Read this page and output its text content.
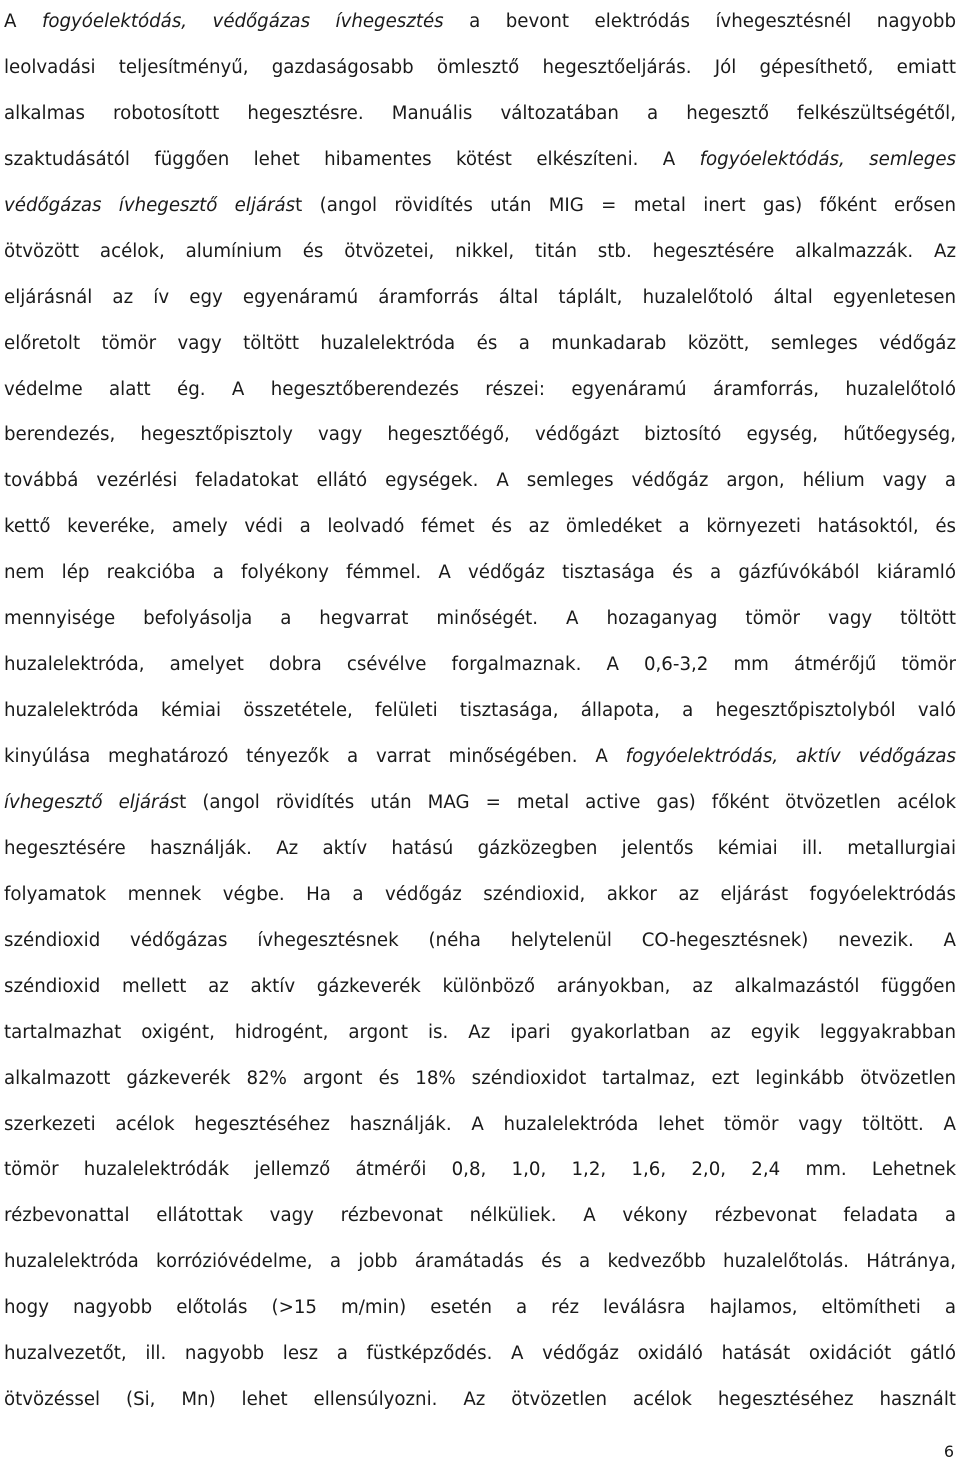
A fogyóelektódás, védőgázas ívhegesztés a bevont elektródás ívhegesztésnél nagyobb
leolvadási teljesítményű, gazdaságosabb ömlesztő hegesztőeljárás. Jól gépesíthető, emiatt
alkalmas robotosított hegesztésre. Manuális változatában a hegesztő felkészültségétől,
szaktudásától függően lehet hibamentes kötést elkészíteni. A fogyóelektódás, semleges
védőgázas ívhegesztő eljárást (angol rövidítés után MIG = metal inert gas) főként erősen
ötvözött acélok, alumínium és ötvözetei, nikkel, titán stb. hegesztésére alkalmazzák. Az
eljárásnál az ív egy egyenáramú áramforrás által táplált, huzalelőtoló által egyenletesen
előretolt tömör vagy töltött huzalelektróda és a munkadarab között, semleges védőgáz
védelme alatt ég. A hegesztőberendezés részei: egyenáramú áramforrás, huzalelőtoló
berendezés, hegesztőpisztoly vagy hegesztőégő, védőgázt biztosító egység, hűtőegység,
továbbá vezérlési feladatokat ellátó egységek. A semleges védőgáz argon, hélium vagy a
kettő keveréke, amely védi a leolvadó fémet és az ömledéket a környezeti hatásoktól, és
nem lép reakcióba a folyékony fémmel. A védőgáz tisztasága és a gázfúvókából kiáramló
mennyisége befolyásolja a hegvarrat minőségét. A hozaganyag tömör vagy töltött
huzalelektróda, amelyet dobra csévélve forgalmaznak. A 0,6-3,2 mm átmérőjű tömör
huzalelektróda kémiai összetétele, felületi tisztasága, állapota, a hegesztőpisztolyból való
kinyúlása meghatározó tényezők a varrat minőségében. A fogyóelektródás, aktív védőgázas
ívhegesztő eljárást (angol rövidítés után MAG = metal active gas) főként ötvözetlen acélok
hegesztésére használják. Az aktív hatású gázközegben jelentős kémiai ill. metallurgiai
folyamatok mennek végbe. Ha a védőgáz széndioxid, akkor az eljárást fogyóelektródás
széndioxid védőgázas ívhegesztésnek (néha helytelenül CO-hegesztésnek) nevezik. A
széndioxid mellett az aktív gázkeverék különböző arányokban, az alkalmazástól függően
tartalmazhat oxigént, hidrogént, argont is. Az ipari gyakorlatban az egyik leggyakrabban
alkalmazott gázkeverék 82% argont és 18% széndioxidot tartalmaz, ezt leginkább ötvözetlen
szerkezeti acélok hegesztéséhez használják. A huzalelektróda lehet tömör vagy töltött. A
tömör huzalelektródák jellemző átmérői 0,8, 1,0, 1,2, 1,6, 2,0, 2,4 mm. Lehetnek
rézbevonattal ellátottak vagy rézbevonat nélküliek. A vékony rézbevonat feladata a
huzalelektróda korrózióvédelme, a jobb áramátadás és a kedvezőbb huzalelőtolás. Hátránya,
hogy nagyobb előtolás (>15 m/min) esetén a réz leválásra hajlamos, eltömítheti a
huzalvezetőt, ill. nagyobb lesz a füstképződés. A védőgáz oxidáló hatását oxidációt gátló
ötvözéssel (Si, Mn) lehet ellensúlyozni. Az ötvözetlen acélok hegesztéséhez használt
6
